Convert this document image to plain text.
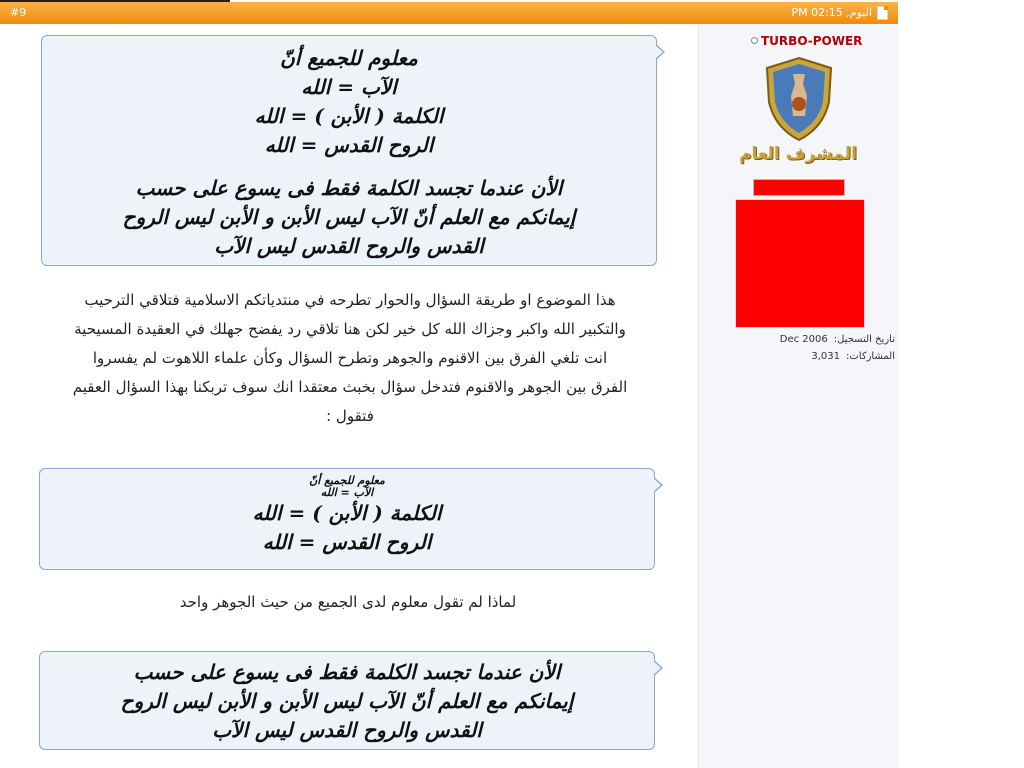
#9	اليوم, 02:15 PM
TURBO-POWER
المشرف العام
تاريخ التسجيل:
Dec 2006
المشاركات:
3,031
معلوم للجميع أنّ
الآب = الله
الكلمة ( الأبن ) = الله
الروح القدس = الله
الأن عندما تجسد الكلمة فقط فى يسوع على حسب
إيمانكم مع العلم أنّ الآب ليس الأبن و الأبن ليس الروح
القدس والروح القدس ليس الآب
هذا الموضوع او طريقة السؤال والحوار تطرحه في منتدياتكم الاسلامية فتلاقي الترحيب
والتكبير الله واكبر وجزاك الله كل خير لكن هنا تلاقي رد يفضح جهلك في العقيدة المسيحية
انت تلغي الفرق بين الاقنوم والجوهر وتطرح السؤال وكأن علماء اللاهوت لم يفسروا
الفرق بين الجوهر والاقنوم فتدخل سؤال بخبث معتقدا انك سوف تربكنا بهذا السؤال العقيم
فتقول :
معلوم للجميع أنّ
الآب = الله
الكلمة ( الأبن ) = الله
الروح القدس = الله
لماذا لم تقول معلوم لدى الجميع من حيث الجوهر واحد
الأن عندما تجسد الكلمة فقط فى يسوع على حسب
إيمانكم مع العلم أنّ الآب ليس الأبن و الأبن ليس الروح
القدس والروح القدس ليس الآب
